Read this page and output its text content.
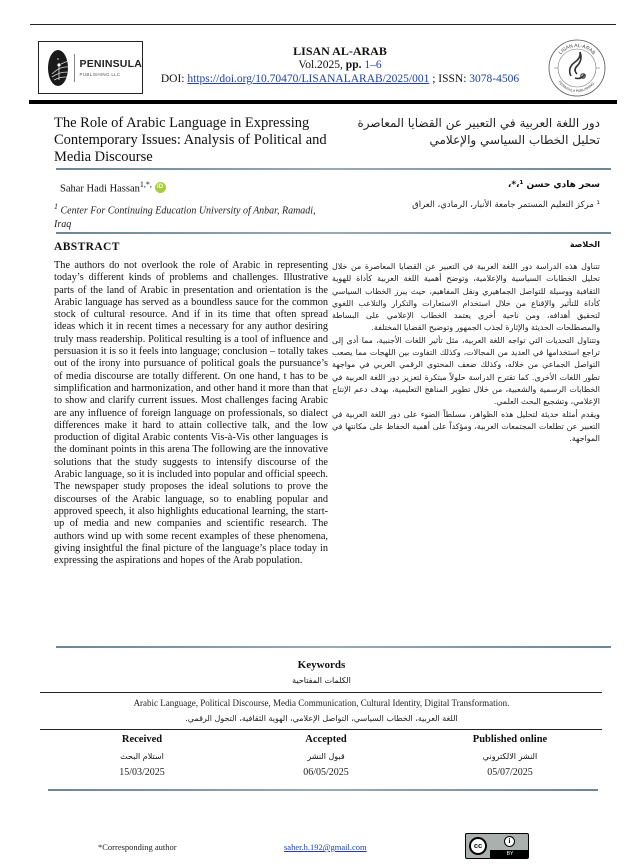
PENINSULA
PUBLISHING LLC
LISAN AL-ARAB
Vol.2025, pp. 1–6
DOI: https://doi.org/10.70470/LISANALARAB/2025/001 ; ISSN: 3078-4506
LISAN AL-ARAB
PENINSULA PUBLISHING
The Role of Arabic Language in Expressing Contemporary Issues: Analysis of Political and Media Discourse
دور اللغة العربية في التعبير عن القضايا المعاصرة
تحليل الخطاب السياسي والإعلامي
Sahar Hadi Hassan$^{1,*,}$ iD
$^1$ Center For Continuing Education University of Anbar, Ramadi, Iraq
سحر هادي حسن ¹،*،
¹ مركز التعليم المستمر جامعة الأنبار، الرمادي، العراق
ABSTRACT
The authors do not overlook the role of Arabic in representing today’s different kinds of problems and challenges. Illustrative parts of the land of Arabic in presentation and orientation is the Arabic language has served as a boundless sauce for the common stock of cultural resource. And if in its time that often spread ideas which it in recent times a necessary for any author desiring truly mass readership. Political resulting is a tool of influence and persuasion it is so it feels into language; conclusion – totally takes out of the irony into pursuance of political goals the pursuance’s of media discourse are totally different. On one hand, t has to be simplification and harmonization, and other hand it more than that to show and clarify current issues. Most challenges facing Arabic are any influence of foreign language on professionals, so dialect differences make it hard to attain collective talk, and the low production of digital Arabic contents Vis-à-Vis other languages is the dominant points in this arena The following are the innovative solutions that the study suggests to intensify discourse of the Arabic language, so it is included into popular and official speech. The newspaper study proposes the ideal solutions to prove the discourses of the Arabic language, so to enabling popular and approved speech, it also highlights educational learning, the start-up of media and new companies and scientific research. The authors wind up with some recent examples of these phenomena, giving insightful the final picture of the language’s place today in expressing the aspirations and hopes of the Arab population.
الخلاصة

تتناول هذه الدراسة دور اللغة العربية في التعبير عن القضايا المعاصرة من خلال تحليل الخطابات السياسية والإعلامية، وتوضح أهمية اللغة العربية كأداة للهوية الثقافية ووسيلة للتواصل الجماهيري ونقل المفاهيم، حيث يبرز الخطاب السياسي كأداة للتأثير والإقناع من خلال استخدام الاستعارات والتكرار والتلاعب اللغوي لتحقيق أهدافه، ومن ناحية أخرى يعتمد الخطاب الإعلامي على البساطة والمصطلحات الحديثة والإثارة لجذب الجمهور وتوضيح القضايا المختلفة.

وتتناول التحديات التي تواجه اللغة العربية، مثل تأثير اللغات الأجنبية، مما أدى إلى تراجع استخدامها في العديد من المجالات، وكذلك التفاوت بين اللهجات مما يصعب التواصل الجماعي من خلاله، وكذلك ضعف المحتوى الرقمي العربي في مواجهة تطور اللغات الأخرى. كما تقترح الدراسة حلولاً مبتكرة لتعزيز دور اللغة العربية في الخطابات الرسمية والشعبية، من خلال تطوير المناهج التعليمية، بهدف دعم الإنتاج الإعلامي، وتشجيع البحث العلمي.

ويقدم أمثلة حديثة لتحليل هذه الظواهر، مسلطاً الضوء على دور اللغة العربية في التعبير عن تطلعات المجتمعات العربية، ومؤكداً على أهمية الحفاظ على مكانتها في المواجهة.

Keywords
الكلمات المفتاحية
Arabic Language, Political Discourse, Media Communication, Cultural Identity, Digital Transformation.
اللغة العربية، الخطاب السياسي، التواصل الإعلامي، الهوية الثقافية، التحول الرقمي.
Received
استلام البحث
15/03/2025
Accepted
قبول النشر
06/05/2025
Published online
النشر الالكتروني
05/07/2025
*Corresponding author	saher.h.192@gmail.com	cc	i
BY
